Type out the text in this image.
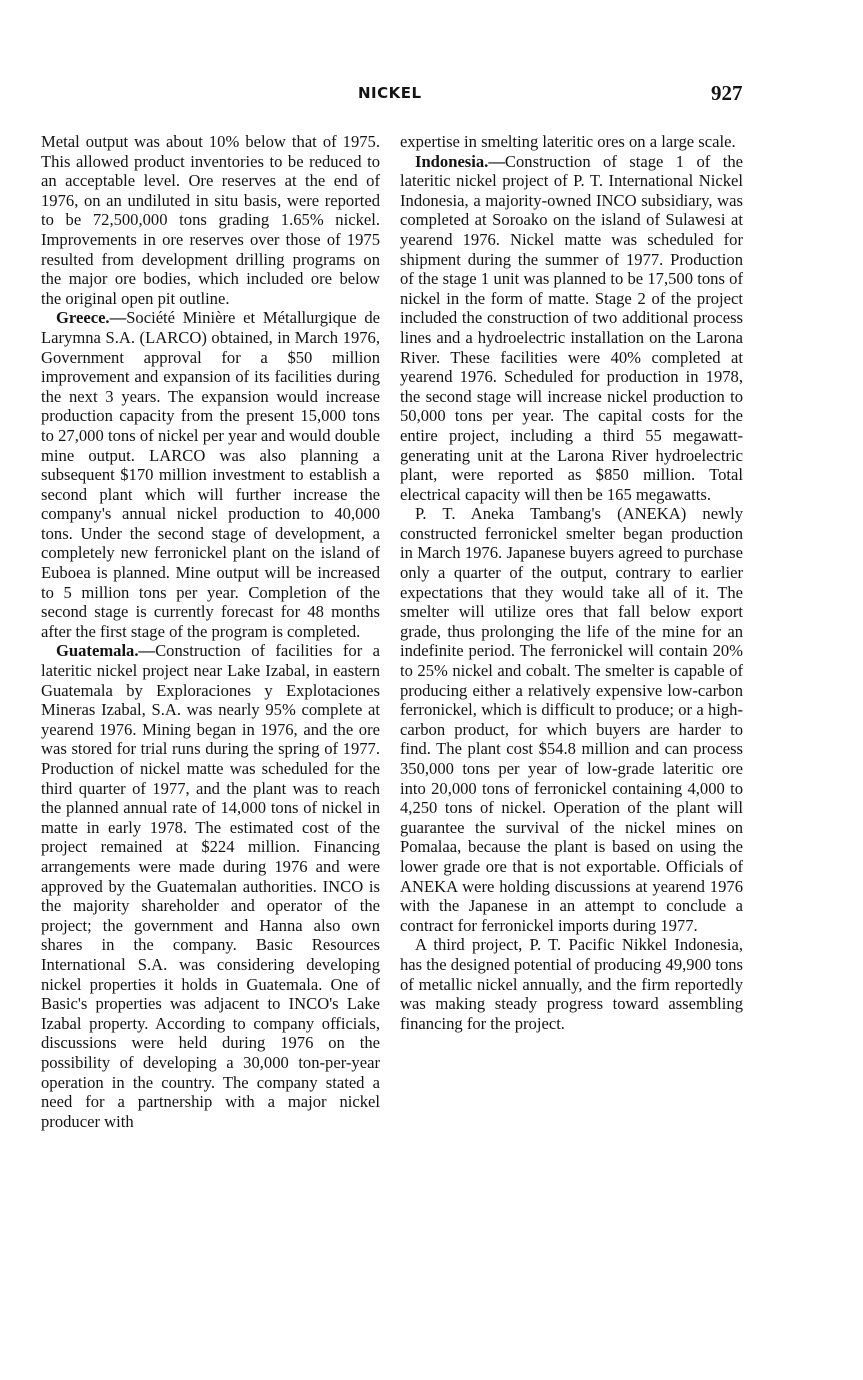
NICKEL	927

Metal output was about 10% below that of 1975. This allowed product inventories to be reduced to an acceptable level. Ore reserves at the end of 1976, on an undiluted in situ basis, were reported to be 72,500,000 tons grading 1.65% nickel. Improvements in ore reserves over those of 1975 resulted from development drilling programs on the major ore bodies, which included ore below the original open pit outline.

Greece.—Société Minière et Métallurgique de Larymna S.A. (LARCO) obtained, in March 1976, Government approval for a $50 million improvement and expansion of its facilities during the next 3 years. The expansion would increase production capacity from the present 15,000 tons to 27,000 tons of nickel per year and would double mine output. LARCO was also planning a subsequent $170 million investment to establish a second plant which will further increase the company's annual nickel production to 40,000 tons. Under the second stage of development, a completely new ferronickel plant on the island of Euboea is planned. Mine output will be increased to 5 million tons per year. Completion of the second stage is currently forecast for 48 months after the first stage of the program is completed.

Guatemala.—Construction of facilities for a lateritic nickel project near Lake Izabal, in eastern Guatemala by Exploraciones y Explotaciones Mineras Izabal, S.A. was nearly 95% complete at yearend 1976. Mining began in 1976, and the ore was stored for trial runs during the spring of 1977. Production of nickel matte was scheduled for the third quarter of 1977, and the plant was to reach the planned annual rate of 14,000 tons of nickel in matte in early 1978. The estimated cost of the project remained at $224 million. Financing arrangements were made during 1976 and were approved by the Guatemalan authorities. INCO is the majority shareholder and operator of the project; the government and Hanna also own shares in the company. Basic Resources International S.A. was considering developing nickel properties it holds in Guatemala. One of Basic's properties was adjacent to INCO's Lake Izabal property. According to company officials, discussions were held during 1976 on the possibility of developing a 30,000 ton-per-year operation in the country. The company stated a need for a partnership with a major nickel producer with

expertise in smelting lateritic ores on a large scale.

Indonesia.—Construction of stage 1 of the lateritic nickel project of P. T. International Nickel Indonesia, a majority-owned INCO subsidiary, was completed at Soroako on the island of Sulawesi at yearend 1976. Nickel matte was scheduled for shipment during the summer of 1977. Production of the stage 1 unit was planned to be 17,500 tons of nickel in the form of matte. Stage 2 of the project included the construction of two additional process lines and a hydroelectric installation on the Larona River. These facilities were 40% completed at yearend 1976. Scheduled for production in 1978, the second stage will increase nickel production to 50,000 tons per year. The capital costs for the entire project, including a third 55 megawatt-generating unit at the Larona River hydroelectric plant, were reported as $850 million. Total electrical capacity will then be 165 megawatts.

P. T. Aneka Tambang's (ANEKA) newly constructed ferronickel smelter began production in March 1976. Japanese buyers agreed to purchase only a quarter of the output, contrary to earlier expectations that they would take all of it. The smelter will utilize ores that fall below export grade, thus prolonging the life of the mine for an indefinite period. The ferronickel will contain 20% to 25% nickel and cobalt. The smelter is capable of producing either a relatively expensive low-carbon ferronickel, which is difficult to produce; or a high-carbon product, for which buyers are harder to find. The plant cost $54.8 million and can process 350,000 tons per year of low-grade lateritic ore into 20,000 tons of ferronickel containing 4,000 to 4,250 tons of nickel. Operation of the plant will guarantee the survival of the nickel mines on Pomalaa, because the plant is based on using the lower grade ore that is not exportable. Officials of ANEKA were holding discussions at yearend 1976 with the Japanese in an attempt to conclude a contract for ferronickel imports during 1977.

A third project, P. T. Pacific Nikkel Indonesia, has the designed potential of producing 49,900 tons of metallic nickel annually, and the firm reportedly was making steady progress toward assembling financing for the project.
